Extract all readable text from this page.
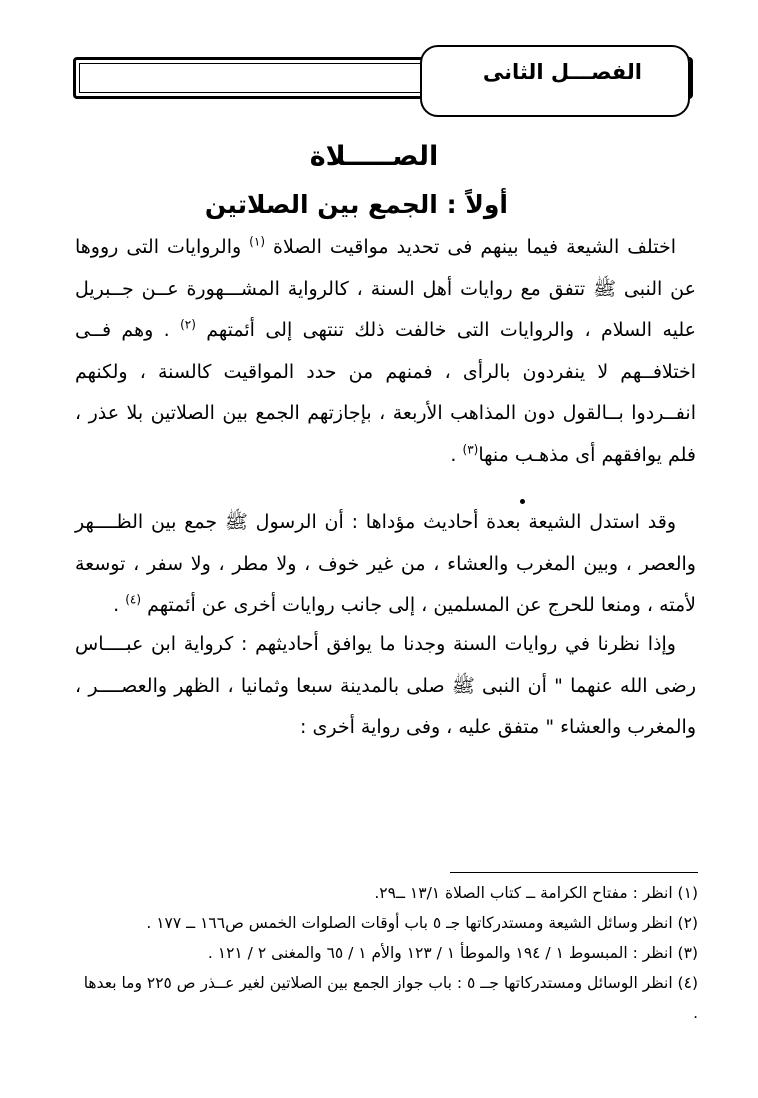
الفصـــل الثانى
الصـــــلاة
أولاً : الجمع بين الصلاتين
اختلف الشيعة فيما بينهم فى تحديد مواقيت الصلاة $^{(١)}$ والروايات التى رووها عن النبى ﷺ تتفق مع روايات أهل السنة ، كالرواية المشـــهورة عــن جــبريل عليه السلام ، والروايات التى خالفت ذلك تنتهى إلى أئمتهم $^{(٢)}$ . وهم فــى اختلافــهم لا ينفردون بالرأى ، فمنهم من حدد المواقيت كالسنة ، ولكنهم انفــردوا بــالقول دون المذاهب الأربعة ، بإجازتهم الجمع بين الصلاتين بلا عذر ، فلم يوافقهم أى مذهـب منها$^{(٣)}$ .
وقد استدل الشيعة بعدة أحاديث مؤداها : أن الرسول ﷺ جمع بين الظــــهر والعصر ، وبين المغرب والعشاء ، من غير خوف ، ولا مطر ، ولا سفر ، توسعة لأمته ، ومنعا للحرج عن المسلمين ، إلى جانب روايات أخرى عن أئمتهم $^{(٤)}$ .
وإذا نظرنا في روايات السنة وجدنا ما يوافق أحاديثهم : كرواية ابن عبــــاس رضى الله عنهما " أن النبى ﷺ صلى بالمدينة سبعا وثمانيا ، الظهر والعصــــر ، والمغرب والعشاء " متفق عليه ، وفى رواية أخرى :
(١) انظر : مفتاح الكرامة ــ كتاب الصلاة ١٣/١ ــ٢٩.
(٢) انظر وسائل الشيعة ومستدركاتها جـ ٥ باب أوقات الصلوات الخمس ص١٦٦ ــ ١٧٧ .
(٣) انظر : المبسوط ١ / ١٩٤ والموطأ ١ / ١٢٣ والأم ١ / ٦٥ والمغنى ٢ / ١٢١ .
(٤) انظر الوسائل ومستدركاتها جــ ٥ : باب جواز الجمع بين الصلاتين لغير عــذر ص ٢٢٥ وما بعدها .
